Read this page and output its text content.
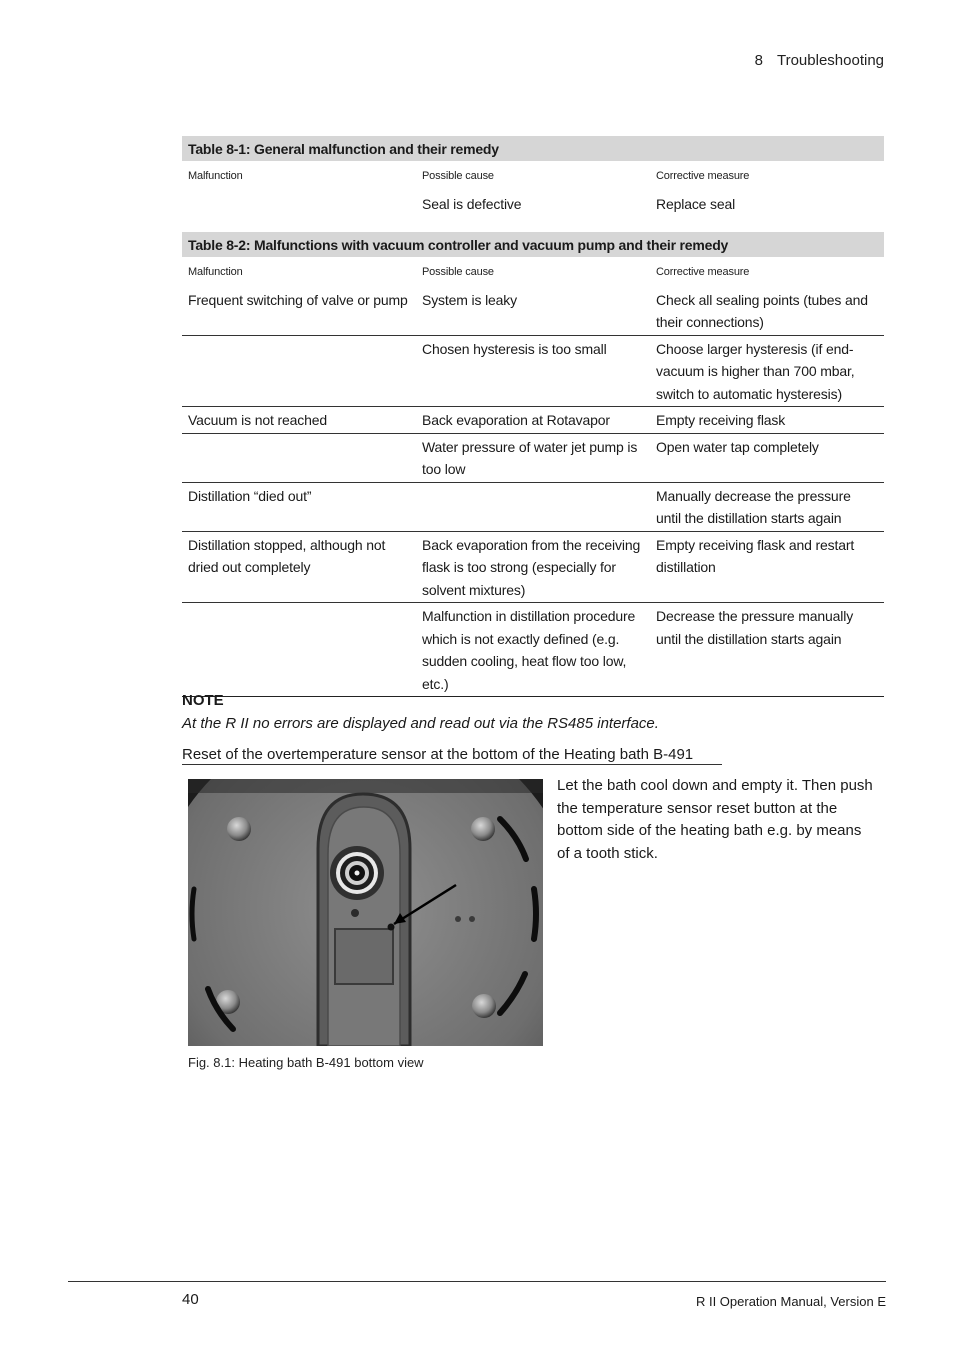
8 Troubleshooting
Table 8-1: General malfunction and their remedy		
Malfunction	Possible cause	Corrective measure
	Seal is defective	Replace seal
Table 8-2: Malfunctions with vacuum controller and vacuum pump and their remedy		
Malfunction	Possible cause	Corrective measure
Frequent switching of valve or pump	System is leaky	Check all sealing points (tubes and their connections)
	Chosen hysteresis is too small	Choose larger hysteresis (if end-vacuum is higher than 700 mbar, switch to automatic hysteresis)
Vacuum is not reached	Back evaporation at Rotavapor	Empty receiving flask
	Water pressure of water jet pump is too low	Open water tap completely
Distillation “died out”		Manually decrease the pressure until the distillation starts again
Distillation stopped, although not dried out completely	Back evaporation from the receiving flask is too strong (especially for solvent mixtures)	Empty receiving flask and restart distillation
	Malfunction in distillation procedure which is not exactly defined (e.g. sudden cooling, heat flow too low, etc.)	Decrease the pressure manually until the distillation starts again
NOTE
At the R II no errors are displayed and read out via the RS485 interface.
Reset of the overtemperature sensor at the bottom of the Heating bath B-491
Let the bath cool down and empty it. Then push the temperature sensor reset button at the bottom side of the heating bath e.g. by means of a tooth stick.
Fig. 8.1: Heating bath B-491 bottom view
40	R II Operation Manual, Version E
